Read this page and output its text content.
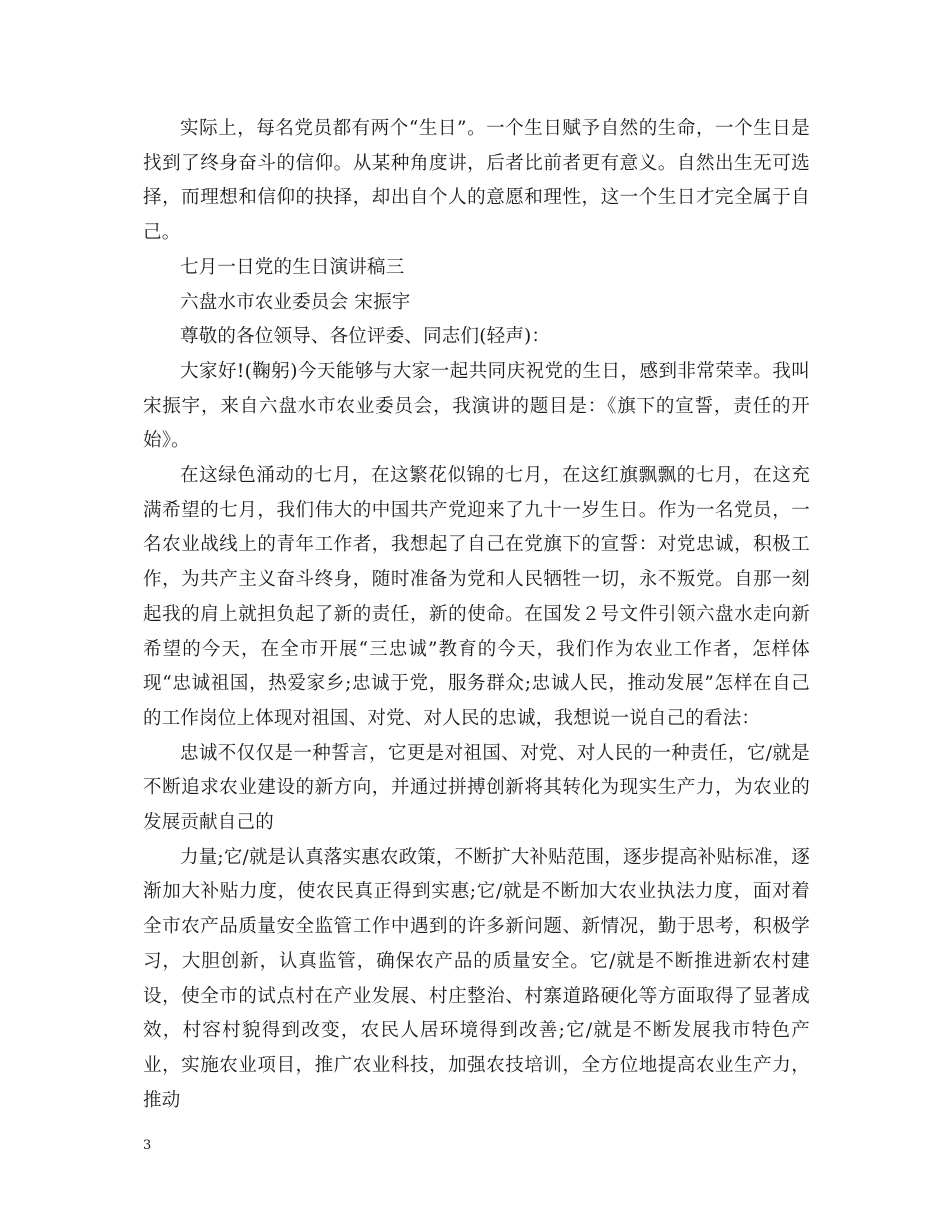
实际上，每名党员都有两个“生日”。一个生日赋予自然的生命，一个生日是找到了终身奋斗的信仰。从某种角度讲，后者比前者更有意义。自然出生无可选择，而理想和信仰的抉择，却出自个人的意愿和理性，这一个生日才完全属于自己。

七月一日党的生日演讲稿三

六盘水市农业委员会 宋振宇

尊敬的各位领导、各位评委、同志们(轻声)：

大家好!(鞠躬)今天能够与大家一起共同庆祝党的生日，感到非常荣幸。我叫宋振宇，来自六盘水市农业委员会，我演讲的题目是：《旗下的宣誓，责任的开始》。

在这绿色涌动的七月，在这繁花似锦的七月，在这红旗飘飘的七月，在这充满希望的七月，我们伟大的中国共产党迎来了九十一岁生日。作为一名党员，一名农业战线上的青年工作者，我想起了自己在党旗下的宣誓：对党忠诚，积极工作，为共产主义奋斗终身，随时准备为党和人民牺牲一切，永不叛党。自那一刻起我的肩上就担负起了新的责任，新的使命。在国发２号文件引领六盘水走向新希望的今天，在全市开展“三忠诚”教育的今天，我们作为农业工作者，怎样体现“忠诚祖国，热爱家乡;忠诚于党，服务群众;忠诚人民，推动发展”怎样在自己的工作岗位上体现对祖国、对党、对人民的忠诚，我想说一说自己的看法：

忠诚不仅仅是一种誓言，它更是对祖国、对党、对人民的一种责任，它/就是不断追求农业建设的新方向，并通过拼搏创新将其转化为现实生产力，为农业的发展贡献自己的

力量;它/就是认真落实惠农政策，不断扩大补贴范围，逐步提高补贴标准，逐渐加大补贴力度，使农民真正得到实惠;它/就是不断加大农业执法力度，面对着全市农产品质量安全监管工作中遇到的许多新问题、新情况，勤于思考，积极学习，大胆创新，认真监管，确保农产品的质量安全。它/就是不断推进新农村建设，使全市的试点村在产业发展、村庄整治、村寨道路硬化等方面取得了显著成效，村容村貌得到改变，农民人居环境得到改善;它/就是不断发展我市特色产业，实施农业项目，推广农业科技，加强农技培训，全方位地提高农业生产力，推动

3
